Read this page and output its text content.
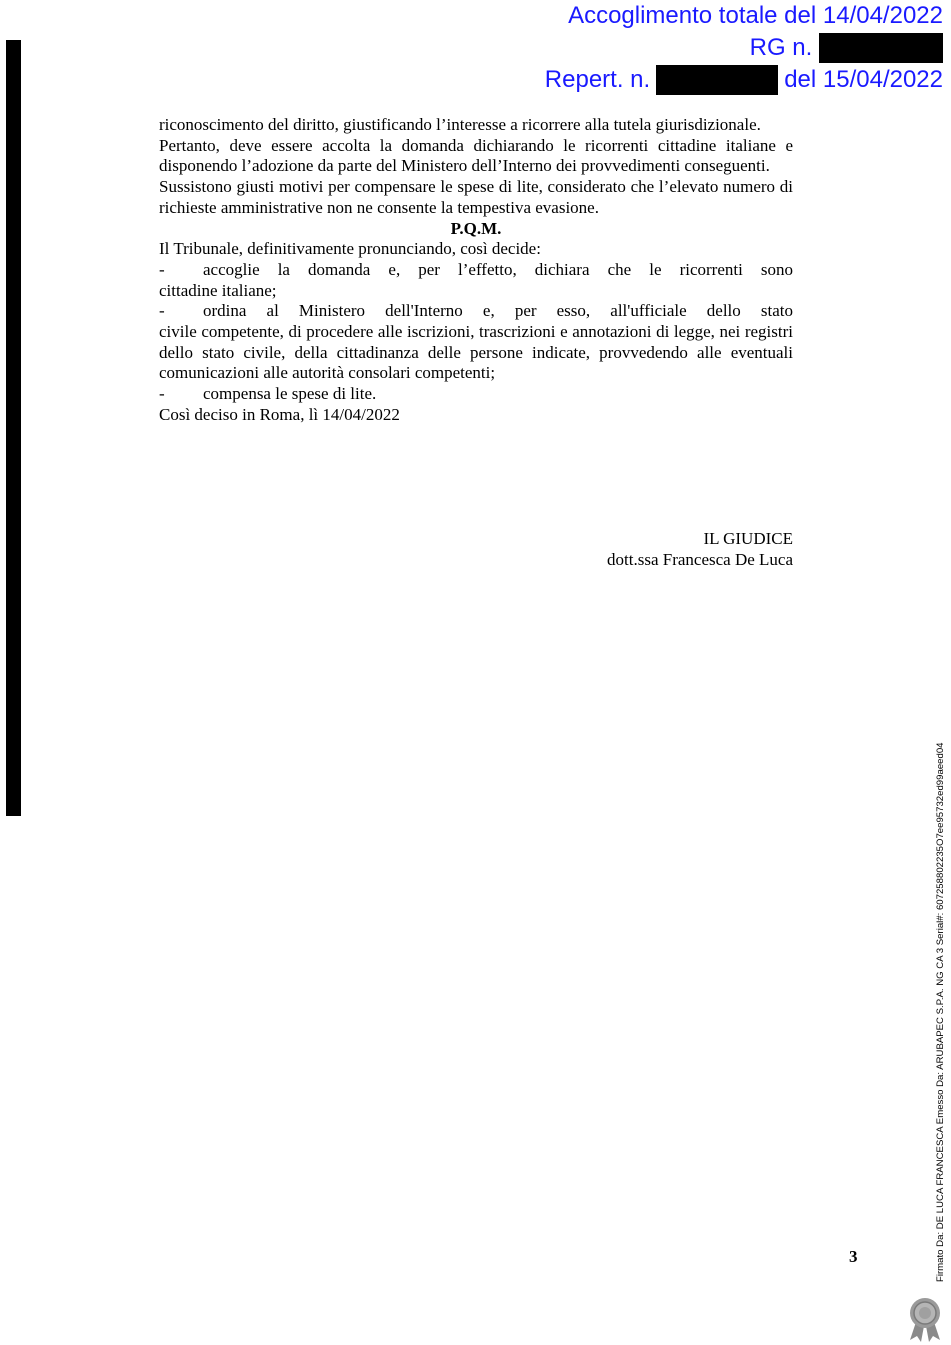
Accoglimento totale del 14/04/2022
RG n.
Repert. n.	del 15/04/2022

riconoscimento del diritto, giustificando l’interesse a ricorrere alla tutela giurisdizionale.

Pertanto, deve essere accolta la domanda dichiarando le ricorrenti cittadine italiane e disponendo l’adozione da parte del Ministero dell’Interno dei provvedimenti conseguenti.

Sussistono giusti motivi per compensare le spese di lite, considerato che l’elevato numero di richieste amministrative non ne consente la tempestiva evasione.

P.Q.M.

Il Tribunale, definitivamente pronunciando, così decide:

-	accoglie la domanda e, per l’effetto, dichiara che le ricorrenti sono

cittadine italiane;

-	ordina al Ministero dell'Interno e, per esso, all'ufficiale dello stato

civile competente, di procedere alle iscrizioni, trascrizioni e annotazioni di legge, nei registri dello stato civile, della cittadinanza delle persone indicate, provvedendo alle eventuali comunicazioni alle autorità consolari competenti;

-	compensa le spese di lite.

Così deciso in Roma, lì 14/04/2022

IL GIUDICE
dott.ssa Francesca De Luca
3	Firmato Da: DE LUCA FRANCESCA Emesso Da: ARUBAPEC S.P.A. NG CA 3 Serial#: 607258802235O7ee95732ed99aeed04
